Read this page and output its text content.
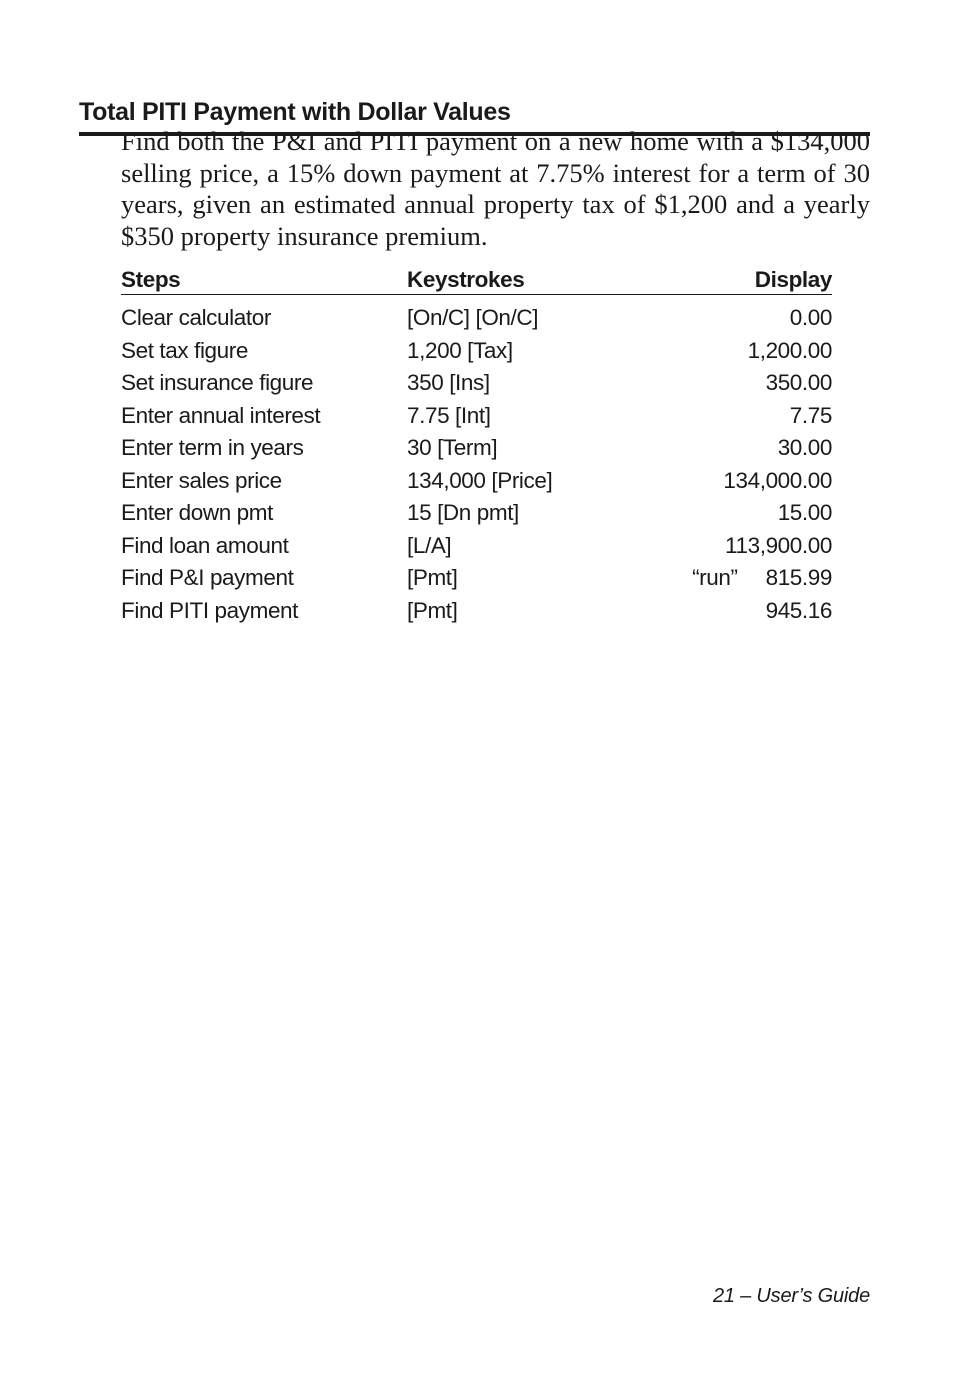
Total PITI Payment with Dollar Values

Find both the P&I and PITI payment on a new home with a $134,000 selling price, a 15% down payment at 7.75% interest for a term of 30 years, given an estimated annual property tax of $1,200 and a yearly $350 property insurance premium.

Steps	Keystrokes	Display
Clear calculator	[On/C] [On/C]	0.00
Set tax figure	1,200 [Tax]	1,200.00
Set insurance figure	350 [Ins]	350.00
Enter annual interest	7.75 [Int]	7.75
Enter term in years	30 [Term]	30.00
Enter sales price	134,000 [Price]	134,000.00
Enter down pmt	15 [Dn pmt]	15.00
Find loan amount	[L/A]	113,900.00
Find P&I payment	[Pmt]	“run” 815.99
Find PITI payment	[Pmt]	945.16
21 – User’s Guide
